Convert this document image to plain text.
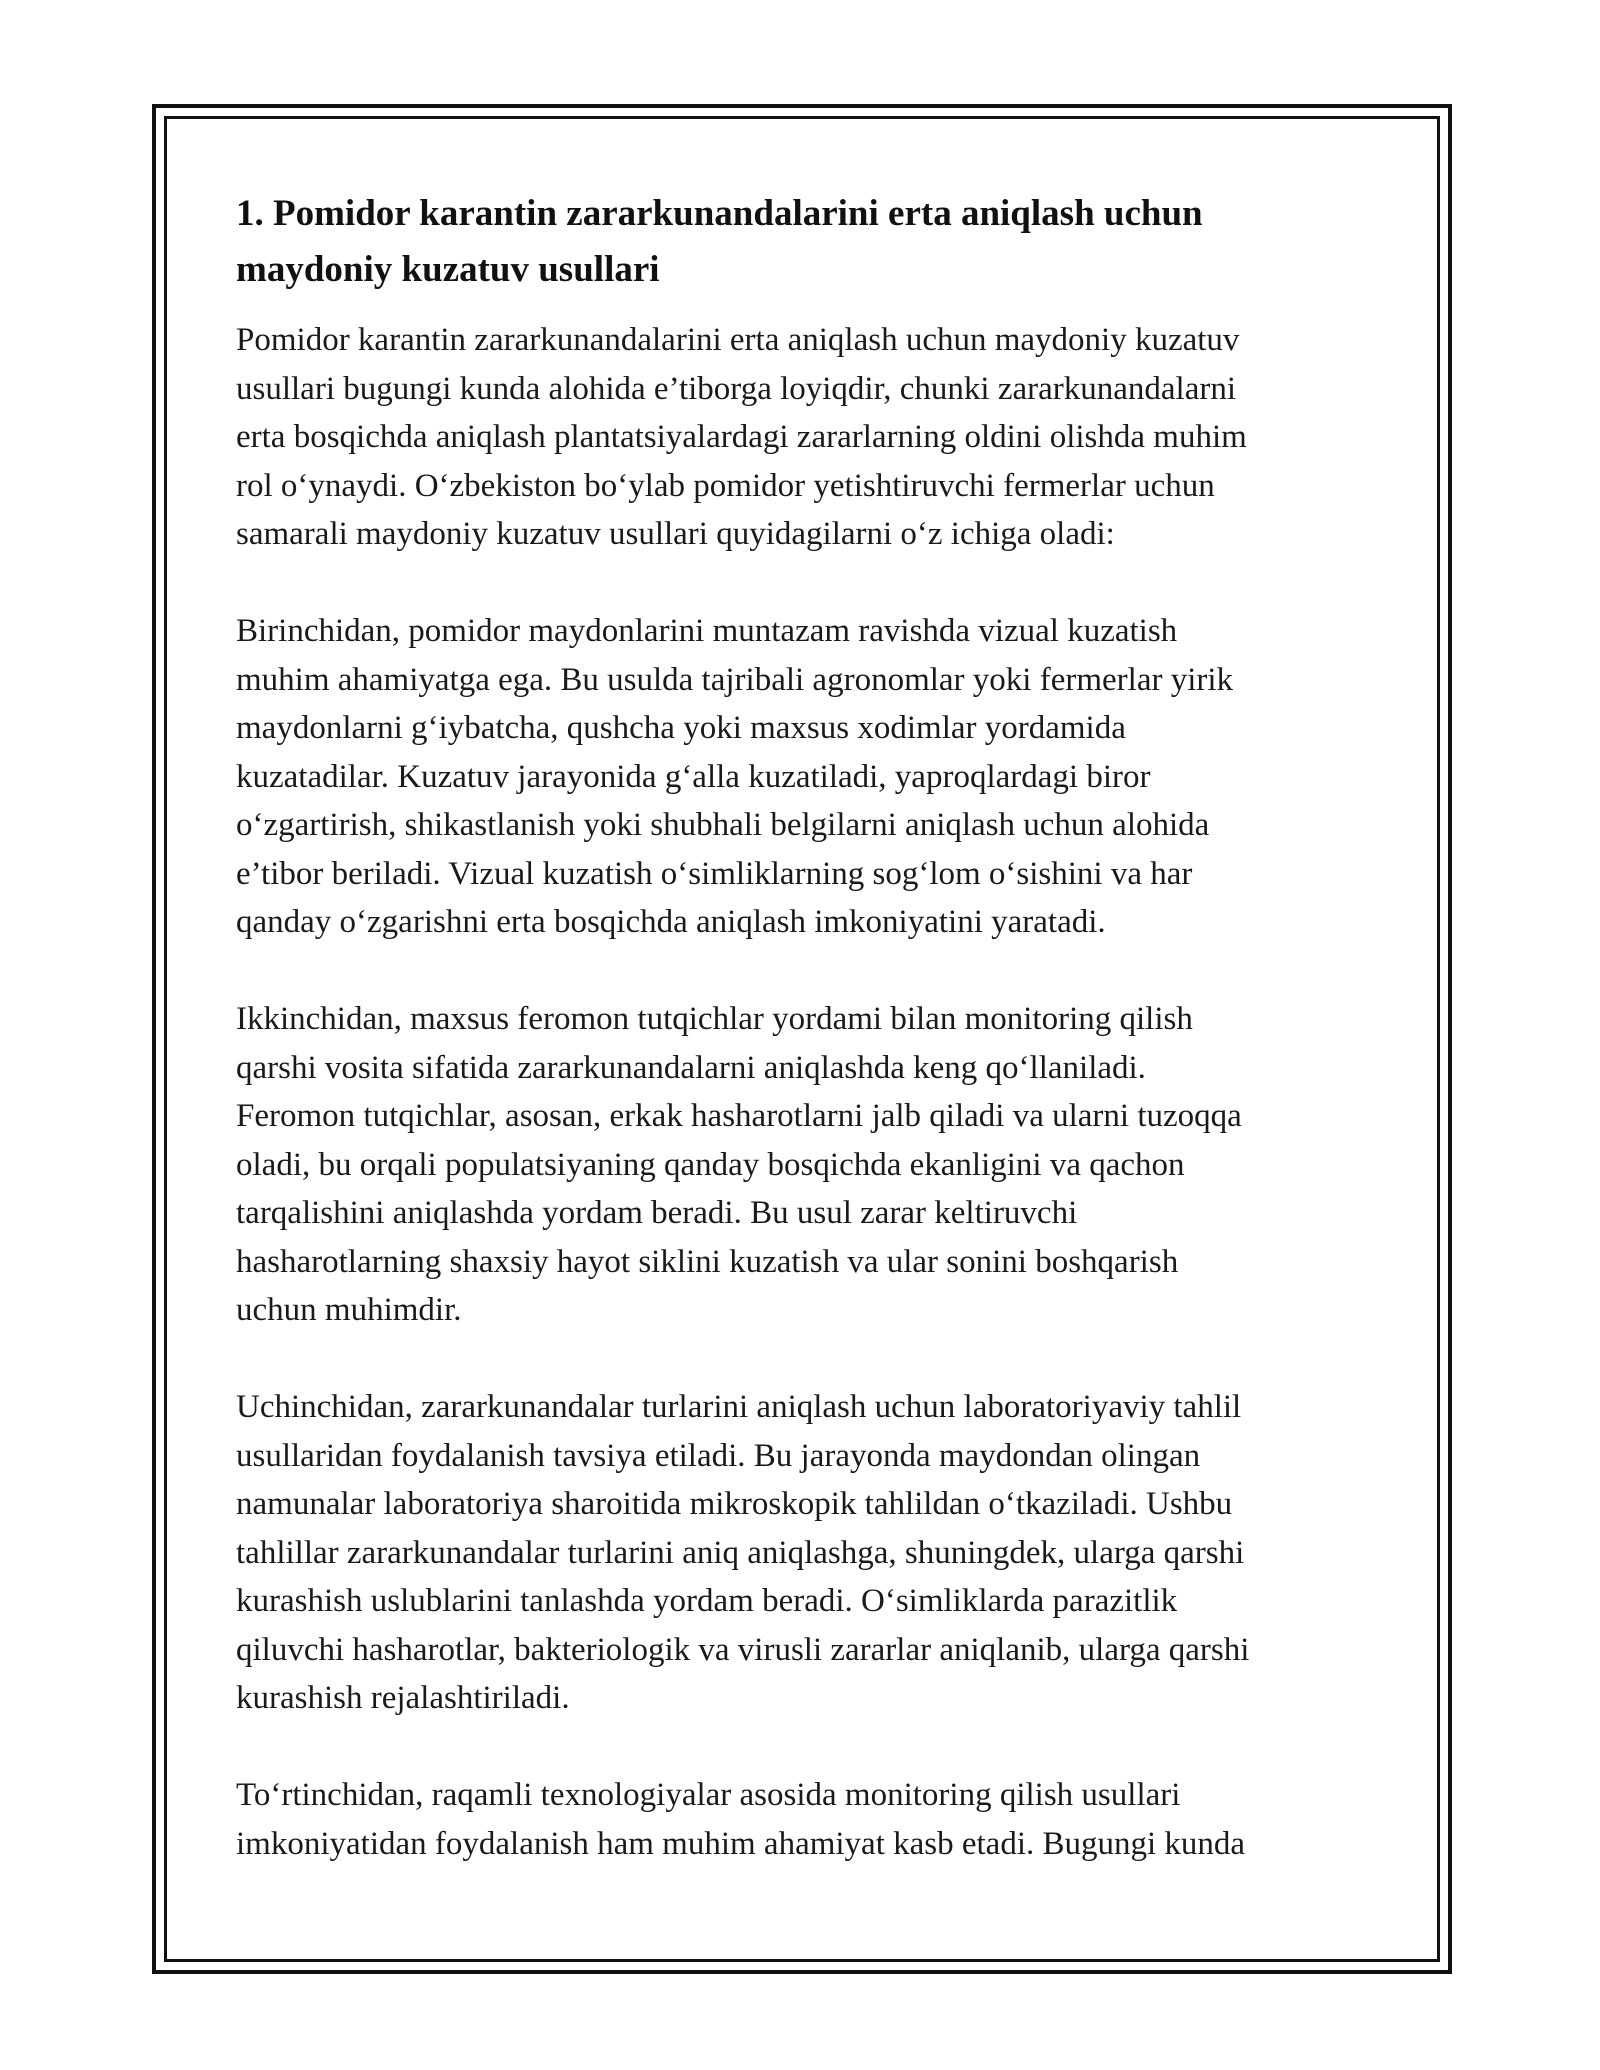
1. Pomidor karantin zararkunandalarini erta aniqlash uchun
maydoniy kuzatuv usullari
Pomidor karantin zararkunandalarini erta aniqlash uchun maydoniy kuzatuv
usullari bugungi kunda alohida e’tiborga loyiqdir, chunki zararkunandalarni
erta bosqichda aniqlash plantatsiyalardagi zararlarning oldini olishda muhim
rol o‘ynaydi. O‘zbekiston bo‘ylab pomidor yetishtiruvchi fermerlar uchun
samarali maydoniy kuzatuv usullari quyidagilarni o‘z ichiga oladi:
Birinchidan, pomidor maydonlarini muntazam ravishda vizual kuzatish
muhim ahamiyatga ega. Bu usulda tajribali agronomlar yoki fermerlar yirik
maydonlarni g‘iybatcha, qushcha yoki maxsus xodimlar yordamida
kuzatadilar. Kuzatuv jarayonida g‘alla kuzatiladi, yaproqlardagi biror
o‘zgartirish, shikastlanish yoki shubhali belgilarni aniqlash uchun alohida
e’tibor beriladi. Vizual kuzatish o‘simliklarning sog‘lom o‘sishini va har
qanday o‘zgarishni erta bosqichda aniqlash imkoniyatini yaratadi.
Ikkinchidan, maxsus feromon tutqichlar yordami bilan monitoring qilish
qarshi vosita sifatida zararkunandalarni aniqlashda keng qo‘llaniladi.
Feromon tutqichlar, asosan, erkak hasharotlarni jalb qiladi va ularni tuzoqqa
oladi, bu orqali populatsiyaning qanday bosqichda ekanligini va qachon
tarqalishini aniqlashda yordam beradi. Bu usul zarar keltiruvchi
hasharotlarning shaxsiy hayot siklini kuzatish va ular sonini boshqarish
uchun muhimdir.
Uchinchidan, zararkunandalar turlarini aniqlash uchun laboratoriyaviy tahlil
usullaridan foydalanish tavsiya etiladi. Bu jarayonda maydondan olingan
namunalar laboratoriya sharoitida mikroskopik tahlildan o‘tkaziladi. Ushbu
tahlillar zararkunandalar turlarini aniq aniqlashga, shuningdek, ularga qarshi
kurashish uslublarini tanlashda yordam beradi. O‘simliklarda parazitlik
qiluvchi hasharotlar, bakteriologik va virusli zararlar aniqlanib, ularga qarshi
kurashish rejalashtiriladi.
To‘rtinchidan, raqamli texnologiyalar asosida monitoring qilish usullari
imkoniyatidan foydalanish ham muhim ahamiyat kasb etadi. Bugungi kunda
